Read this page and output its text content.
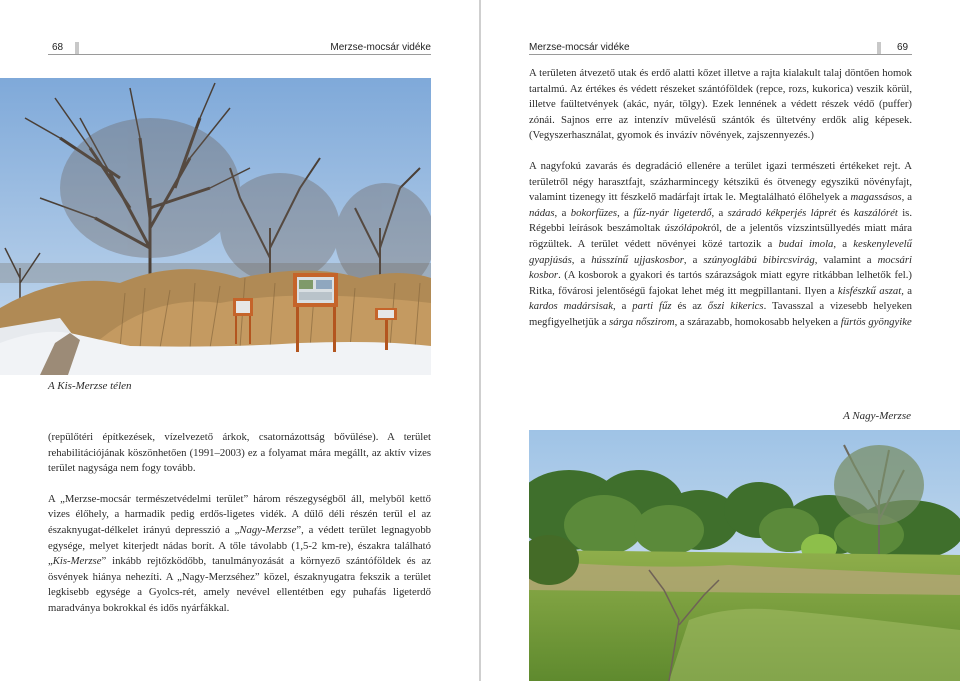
68	Merzse-mocsár vidéke
A Kis-Merzse télen

(repülőtéri építkezések, vízelvezető árkok, csatornázottság bővülése). A terület rehabilitációjának köszönhetően (1991–2003) ez a folyamat mára megállt, az aktív vizes terület nagysága nem fogy tovább.

A „Merzse-mocsár természetvédelmi terület” három részegységből áll, melyből kettő vizes élőhely, a harmadik pedig erdős-ligetes vidék. A dűlő déli részén terül el az északnyugat-délkelet irányú depresszió a „Nagy-Merzse”, a védett terület legnagyobb egysége, melyet kiterjedt nádas borít. A tőle távolabb (1,5-2 km-re), északra található „Kis-Merzse” inkább rejtőzködőbb, tanulmányozását a környező szántóföldek és az ösvények hiánya nehezíti. A „Nagy-Merzséhez” közel, északnyugatra fekszik a terület legkisebb egysége a Gyolcs-rét, amely nevével ellentétben egy puhafás ligeterdő maradványa bokrokkal és idős nyárfákkal.

Merzse-mocsár vidéke	69

A területen átvezető utak és erdő alatti kőzet illetve a rajta kialakult talaj döntően homok tartalmú. Az értékes és védett részeket szántóföldek (repce, rozs, kukorica) veszik körül, illetve faültetvények (akác, nyár, tölgy). Ezek lennének a védett részek védő (puffer) zónái. Sajnos erre az intenzív művelésű szántók és ültetvény erdők alig képesek. (Vegyszerhasználat, gyomok és invázív növények, zajszennyezés.)

A nagyfokú zavarás és degradáció ellenére a terület igazi természeti értékeket rejt. A területről négy harasztfajt, százharmincegy kétszikű és ötvenegy egyszikű növényfajt, valamint tizenegy itt fészkelő madárfajt írtak le. Megtalálható élőhelyek a magassásos, a nádas, a bokorfüzes, a fűz-nyár ligeterdő, a száradó kékperjés láprét és kaszálórét is. Régebbi leírások beszámoltak úszólápokról, de a jelentős vízszintsüllyedés miatt mára rögzültek. A terület védett növényei közé tartozik a budai imola, a keskenylevelű gyapjúsás, a hússzínű ujjaskosbor, a szúnyoglábú bibircsvirág, valamint a mocsári kosbor. (A kosborok a gyakori és tartós szárazságok miatt egyre ritkábban lelhetők fel.) Ritka, fővárosi jelentőségű fajokat lehet még itt megpillantani. Ilyen a kisfészkű aszat, a kardos madársisak, a parti fűz és az őszi kikerics. Tavasszal a vizesebb helyeken megfigyelhetjük a sárga nőszirom, a szárazabb, homokosabb helyeken a fürtös gyöngyike

A Nagy-Merzse
